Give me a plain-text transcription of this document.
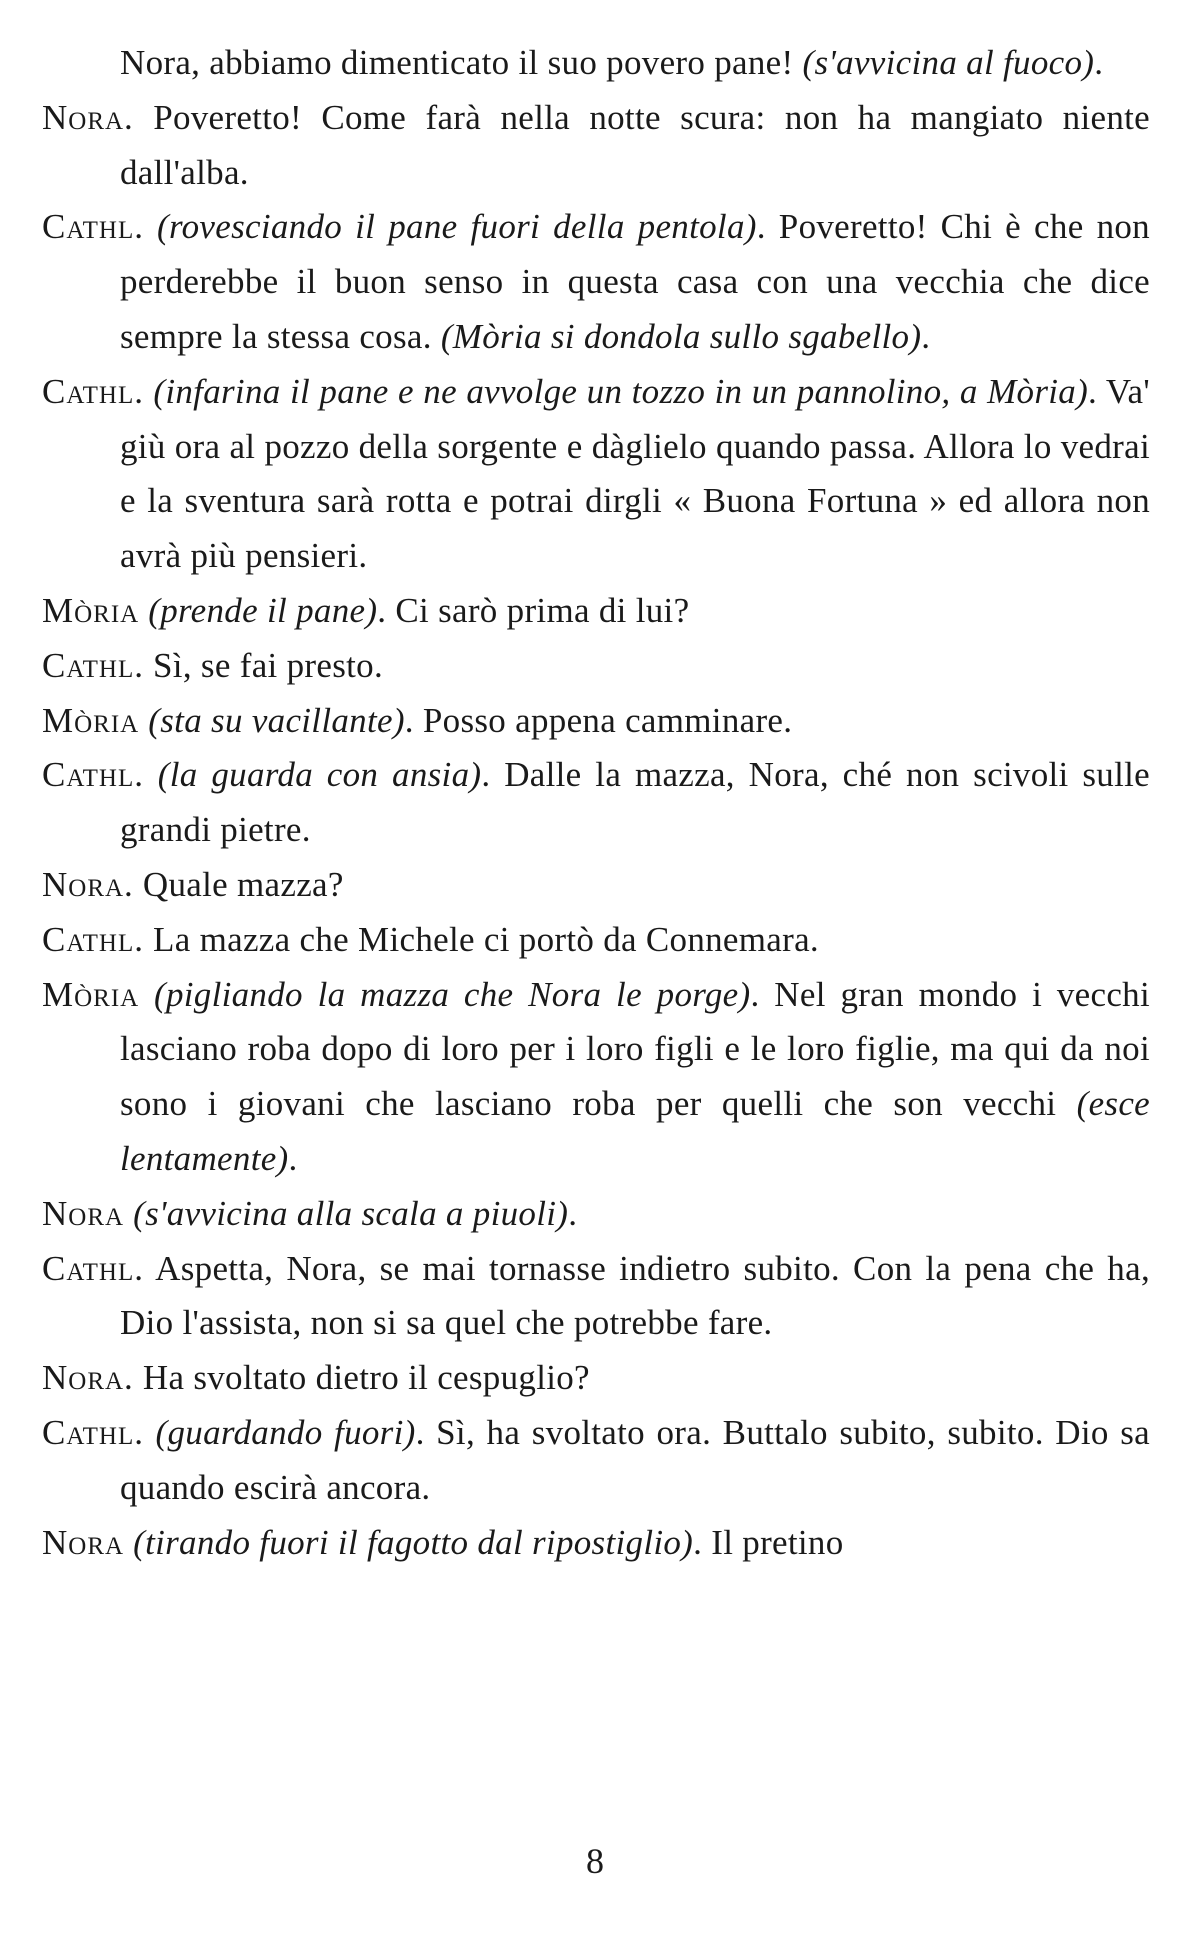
Nora, abbiamo dimenticato il suo povero pane! (s'avvicina al fuoco).

Nora. Poveretto! Come farà nella notte scura: non ha mangiato niente dall'alba.

Cathl. (rovesciando il pane fuori della pentola). Poveretto! Chi è che non perderebbe il buon senso in questa casa con una vecchia che dice sempre la stessa cosa. (Mòria si dondola sullo sgabello).

Cathl. (infarina il pane e ne avvolge un tozzo in un pannolino, a Mòria). Va' giù ora al pozzo della sorgente e dàglielo quando passa. Allora lo vedrai e la sventura sarà rotta e potrai dirgli « Buona Fortuna » ed allora non avrà più pensieri.

Mòria (prende il pane). Ci sarò prima di lui?

Cathl. Sì, se fai presto.

Mòria (sta su vacillante). Posso appena camminare.

Cathl. (la guarda con ansia). Dalle la mazza, Nora, ché non scivoli sulle grandi pietre.

Nora. Quale mazza?

Cathl. La mazza che Michele ci portò da Connemara.

Mòria (pigliando la mazza che Nora le porge). Nel gran mondo i vecchi lasciano roba dopo di loro per i loro figli e le loro figlie, ma qui da noi sono i giovani che lasciano roba per quelli che son vecchi (esce lentamente).

Nora (s'avvicina alla scala a piuoli).

Cathl. Aspetta, Nora, se mai tornasse indietro subito. Con la pena che ha, Dio l'assista, non si sa quel che potrebbe fare.

Nora. Ha svoltato dietro il cespuglio?

Cathl. (guardando fuori). Sì, ha svoltato ora. Buttalo subito, subito. Dio sa quando escirà ancora.

Nora (tirando fuori il fagotto dal ripostiglio). Il pretino

8
